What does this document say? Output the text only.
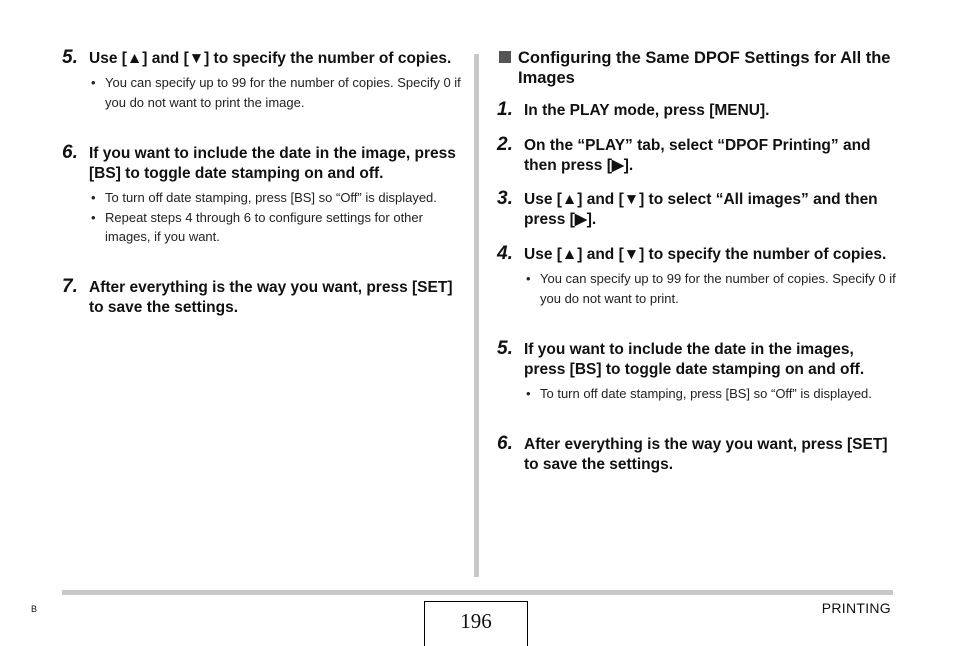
5. Use [▲] and [▼] to specify the number of copies.
• You can specify up to 99 for the number of copies. Specify 0 if you do not want to print the image.
6. If you want to include the date in the image, press [BS] to toggle date stamping on and off.
• To turn off date stamping, press [BS] so “Off” is displayed.
• Repeat steps 4 through 6 to configure settings for other images, if you want.
7. After everything is the way you want, press [SET] to save the settings.
Configuring the Same DPOF Settings for All the Images
1. In the PLAY mode, press [MENU].
2. On the “PLAY” tab, select “DPOF Printing” and then press [▶].
3. Use [▲] and [▼] to select “All images” and then press [▶].
4. Use [▲] and [▼] to specify the number of copies.
• You can specify up to 99 for the number of copies. Specify 0 if you do not want to print.
5. If you want to include the date in the images, press [BS] to toggle date stamping on and off.
• To turn off date stamping, press [BS] so “Off” is displayed.
6. After everything is the way you want, press [SET] to save the settings.
B	196
PRINTING
